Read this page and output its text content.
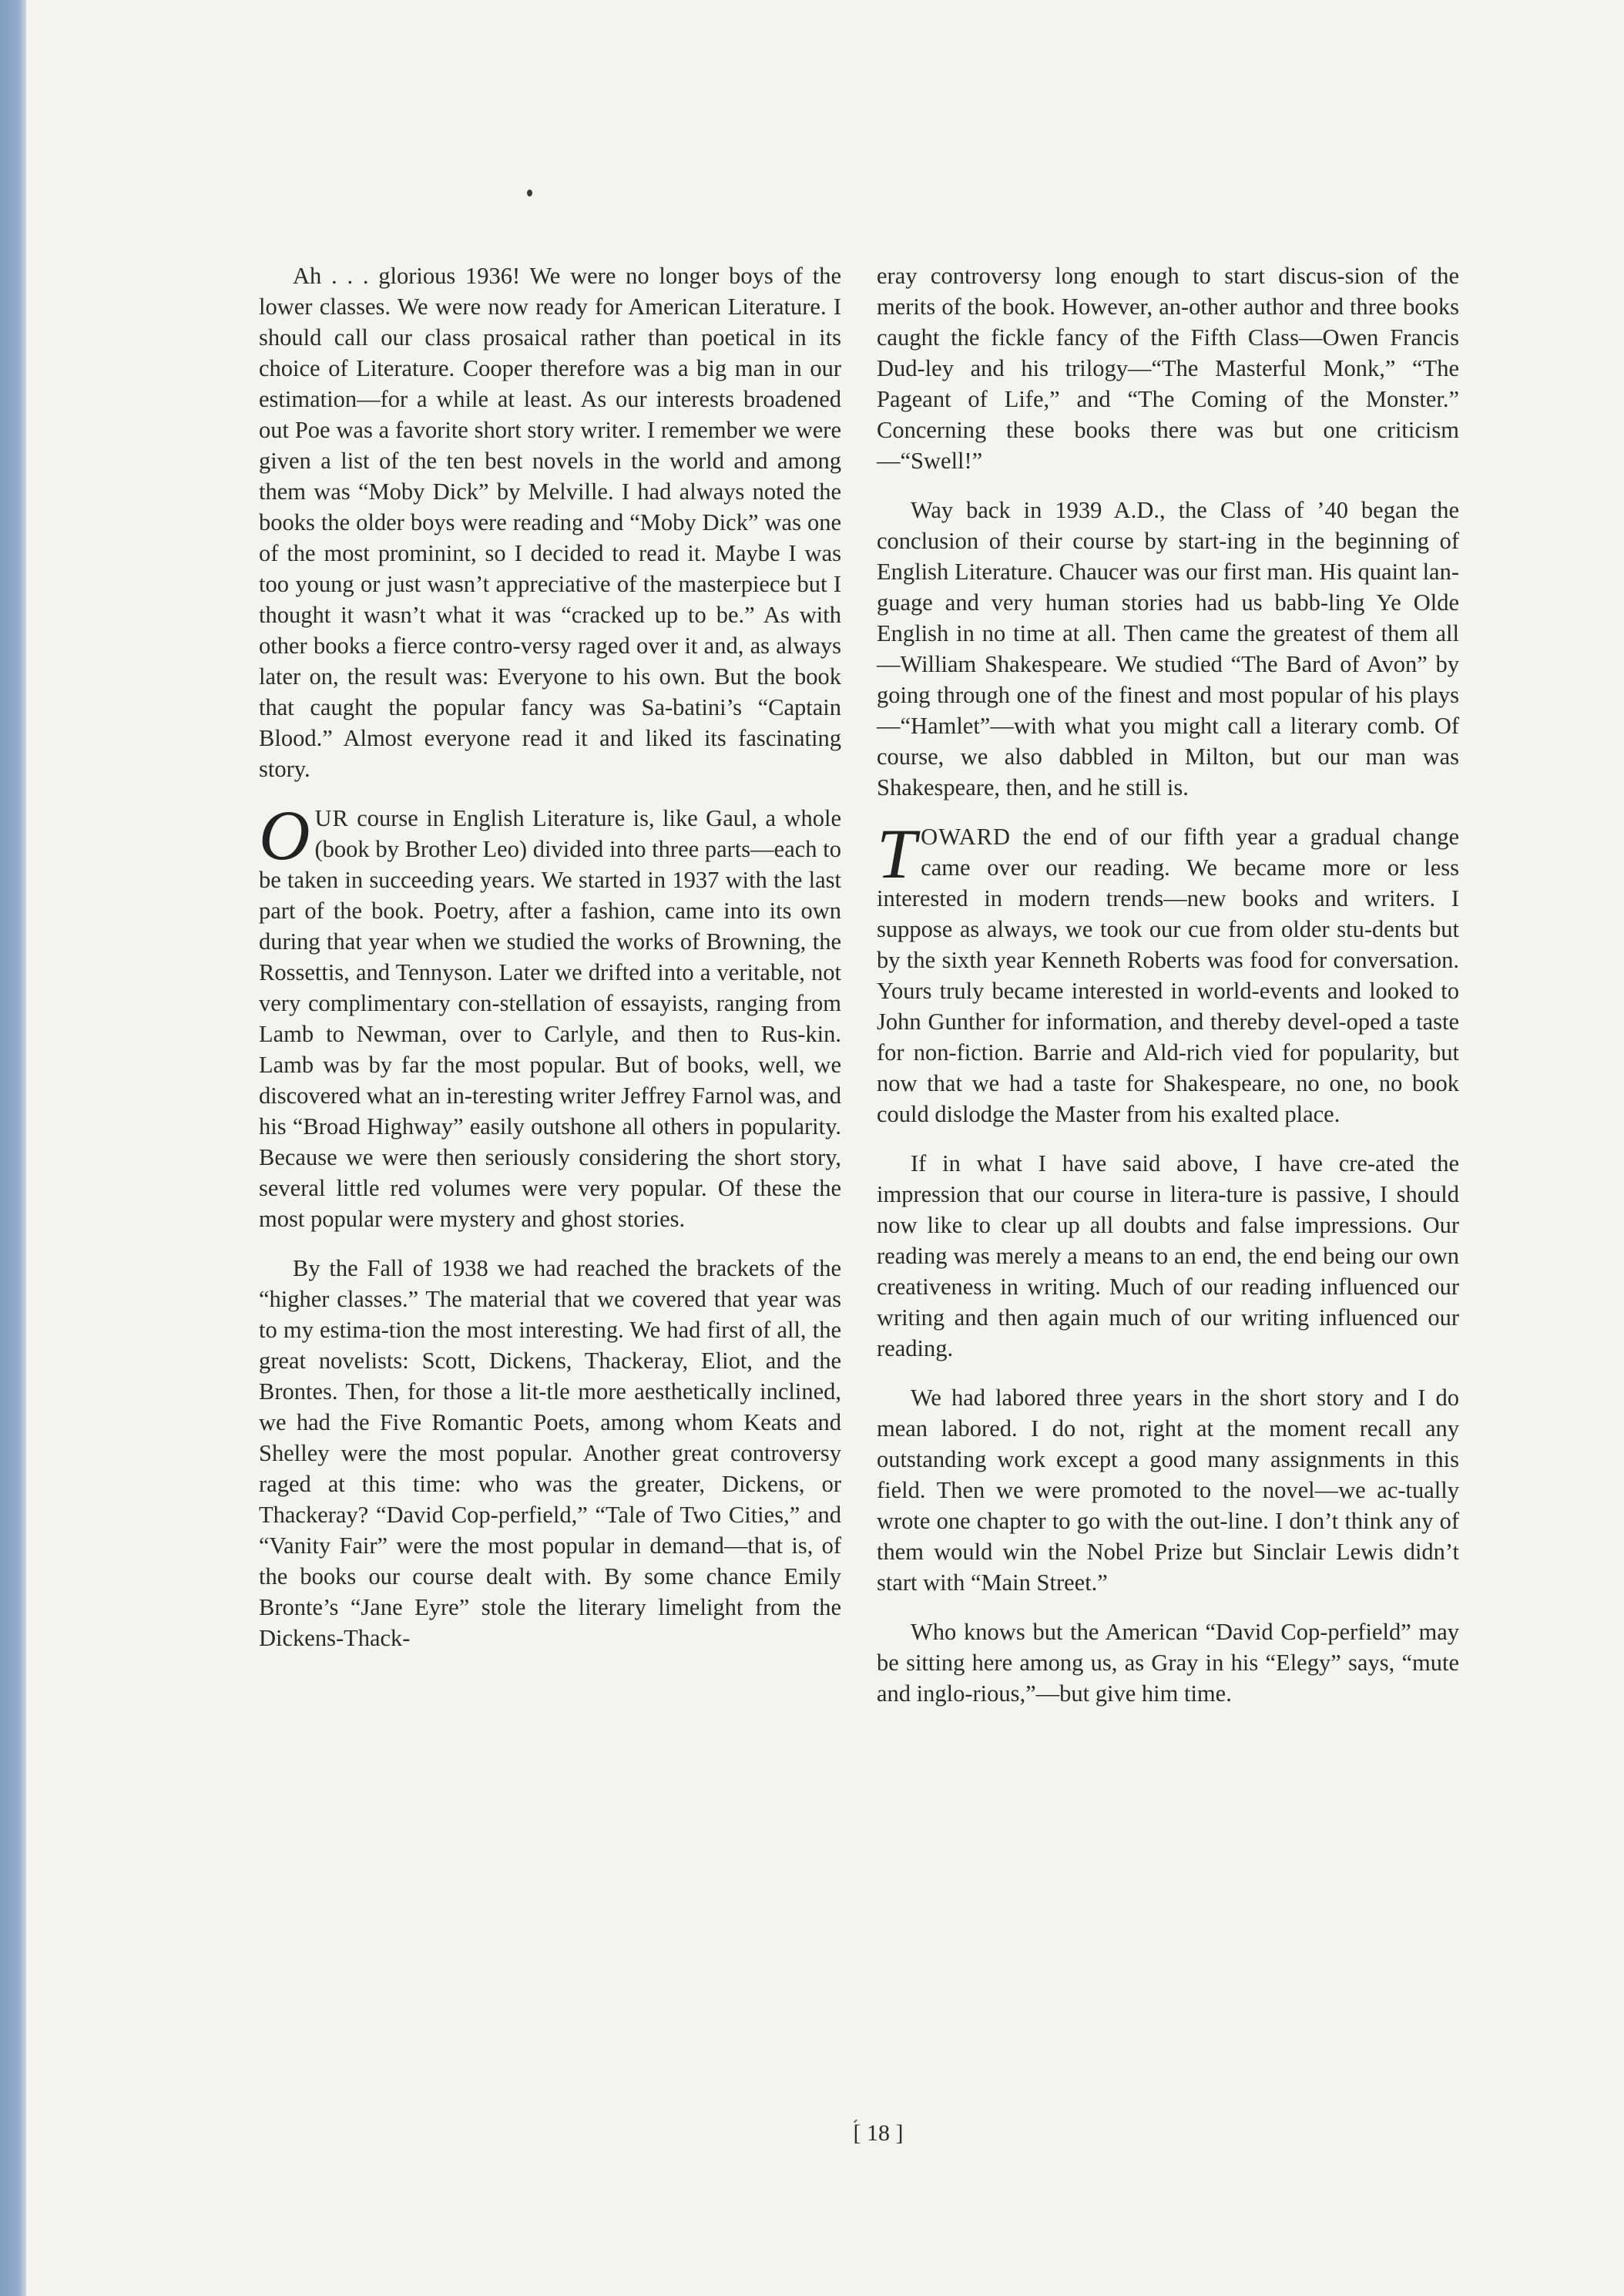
Ah . . . glorious 1936! We were no longer boys of the lower classes. We were now ready for American Literature. I should call our class prosaical rather than poetical in its choice of Literature. Cooper therefore was a big man in our estimation—for a while at least. As our interests broadened out Poe was a favorite short story writer. I remember we were given a list of the ten best novels in the world and among them was “Moby Dick” by Melville. I had always noted the books the older boys were reading and “Moby Dick” was one of the most prominint, so I decided to read it. Maybe I was too young or just wasn’t appreciative of the masterpiece but I thought it wasn’t what it was “cracked up to be.” As with other books a fierce contro-versy raged over it and, as always later on, the result was: Everyone to his own. But the book that caught the popular fancy was Sa-batini’s “Captain Blood.” Almost everyone read it and liked its fascinating story.

OUR course in English Literature is, like Gaul, a whole (book by Brother Leo) divided into three parts—each to be taken in succeeding years. We started in 1937 with the last part of the book. Poetry, after a fashion, came into its own during that year when we studied the works of Browning, the Rossettis, and Tennyson. Later we drifted into a veritable, not very complimentary con-stellation of essayists, ranging from Lamb to Newman, over to Carlyle, and then to Rus-kin. Lamb was by far the most popular. But of books, well, we discovered what an in-teresting writer Jeffrey Farnol was, and his “Broad Highway” easily outshone all others in popularity. Because we were then seriously considering the short story, several little red volumes were very popular. Of these the most popular were mystery and ghost stories.

By the Fall of 1938 we had reached the brackets of the “higher classes.” The material that we covered that year was to my estima-tion the most interesting. We had first of all, the great novelists: Scott, Dickens, Thackeray, Eliot, and the Brontes. Then, for those a lit-tle more aesthetically inclined, we had the Five Romantic Poets, among whom Keats and Shelley were the most popular. Another great controversy raged at this time: who was the greater, Dickens, or Thackeray? “David Cop-perfield,” “Tale of Two Cities,” and “Vanity Fair” were the most popular in demand—that is, of the books our course dealt with. By some chance Emily Bronte’s “Jane Eyre” stole the literary limelight from the Dickens-Thack-

eray controversy long enough to start discus-sion of the merits of the book. However, an-other author and three books caught the fickle fancy of the Fifth Class—Owen Francis Dud-ley and his trilogy—“The Masterful Monk,” “The Pageant of Life,” and “The Coming of the Monster.” Concerning these books there was but one criticism—“Swell!”

Way back in 1939 A.D., the Class of ’40 began the conclusion of their course by start-ing in the beginning of English Literature. Chaucer was our first man. His quaint lan-guage and very human stories had us babb-ling Ye Olde English in no time at all. Then came the greatest of them all—William Shakespeare. We studied “The Bard of Avon” by going through one of the finest and most popular of his plays—“Hamlet”—with what you might call a literary comb. Of course, we also dabbled in Milton, but our man was Shakespeare, then, and he still is.

TOWARD the end of our fifth year a gradual change came over our reading. We became more or less interested in modern trends—new books and writers. I suppose as always, we took our cue from older stu-dents but by the sixth year Kenneth Roberts was food for conversation. Yours truly became interested in world-events and looked to John Gunther for information, and thereby devel-oped a taste for non-fiction. Barrie and Ald-rich vied for popularity, but now that we had a taste for Shakespeare, no one, no book could dislodge the Master from his exalted place.

If in what I have said above, I have cre-ated the impression that our course in litera-ture is passive, I should now like to clear up all doubts and false impressions. Our reading was merely a means to an end, the end being our own creativeness in writing. Much of our reading influenced our writing and then again much of our writing influenced our reading.

We had labored three years in the short story and I do mean labored. I do not, right at the moment recall any outstanding work except a good many assignments in this field. Then we were promoted to the novel—we ac-tually wrote one chapter to go with the out-line. I don’t think any of them would win the Nobel Prize but Sinclair Lewis didn’t start with “Main Street.”

Who knows but the American “David Cop-perfield” may be sitting here among us, as Gray in his “Elegy” says, “mute and inglo-rious,”—but give him time.

[ 18 ]
